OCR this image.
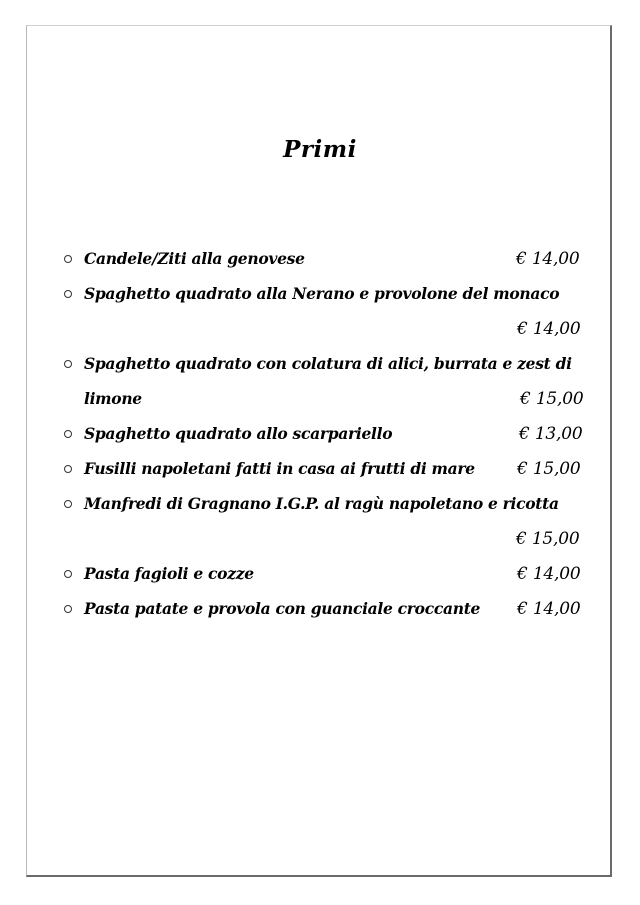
Primi
Candele/Ziti alla genovese	€ 14,00
Spaghetto quadrato alla Nerano e provolone del monaco
€ 14,00
Spaghetto quadrato con colatura di alici, burrata e zest di
limone	€ 15,00
Spaghetto quadrato allo scarpariello	€ 13,00
Fusilli napoletani fatti in casa ai frutti di mare € 15,00
Manfredi di Gragnano I.G.P. al ragù napoletano e ricotta
€ 15,00
Pasta fagioli e cozze	€ 14,00
Pasta patate e provola con guanciale croccante € 14,00
